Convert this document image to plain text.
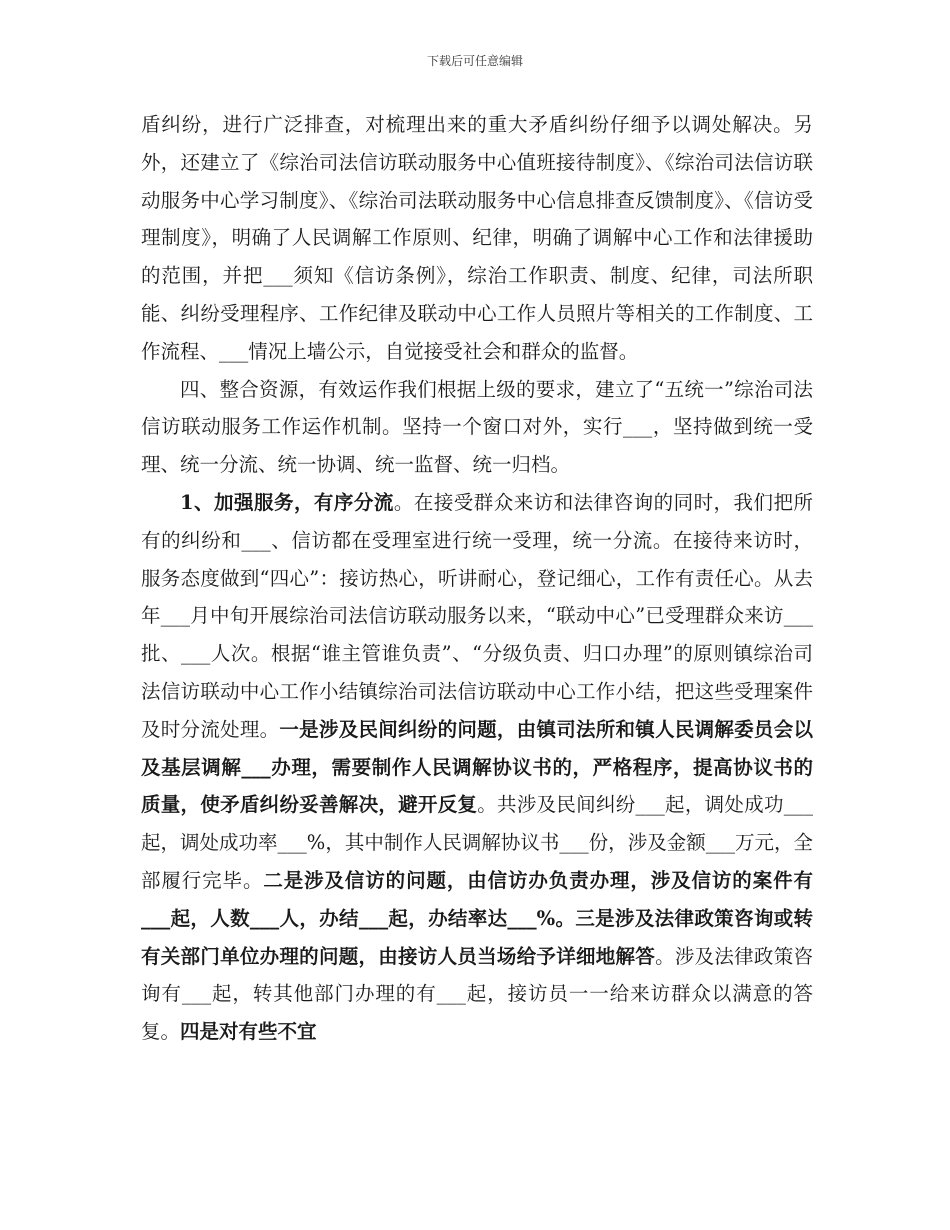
下载后可任意编辑

盾纠纷，进行广泛排查，对梳理出来的重大矛盾纠纷仔细予以调处解决。另外，还建立了《综治司法信访联动服务中心值班接待制度》、《综治司法信访联动服务中心学习制度》、《综治司法联动服务中心信息排查反馈制度》、《信访受理制度》，明确了人民调解工作原则、纪律，明确了调解中心工作和法律援助的范围，并把___须知《信访条例》，综治工作职责、制度、纪律，司法所职能、纠纷受理程序、工作纪律及联动中心工作人员照片等相关的工作制度、工作流程、___情况上墙公示，自觉接受社会和群众的监督。

四、整合资源，有效运作我们根据上级的要求，建立了“五统一”综治司法信访联动服务工作运作机制。坚持一个窗口对外，实行___，坚持做到统一受理、统一分流、统一协调、统一监督、统一归档。

1、加强服务，有序分流。在接受群众来访和法律咨询的同时，我们把所有的纠纷和___、信访都在受理室进行统一受理，统一分流。在接待来访时，服务态度做到“四心”：接访热心，听讲耐心，登记细心，工作有责任心。从去年___月中旬开展综治司法信访联动服务以来，“联动中心”已受理群众来访___批、___人次。根据“谁主管谁负责”、“分级负责、归口办理”的原则镇综治司法信访联动中心工作小结镇综治司法信访联动中心工作小结，把这些受理案件及时分流处理。一是涉及民间纠纷的问题，由镇司法所和镇人民调解委员会以及基层调解___办理，需要制作人民调解协议书的，严格程序，提高协议书的质量，使矛盾纠纷妥善解决，避开反复。共涉及民间纠纷___起，调处成功___起，调处成功率___%，其中制作人民调解协议书___份，涉及金额___万元，全部履行完毕。二是涉及信访的问题，由信访办负责办理，涉及信访的案件有___起，人数___人，办结___起，办结率达___%。三是涉及法律政策咨询或转有关部门单位办理的问题，由接访人员当场给予详细地解答。涉及法律政策咨询有___起，转其他部门办理的有___起，接访员一一给来访群众以满意的答复。四是对有些不宜
